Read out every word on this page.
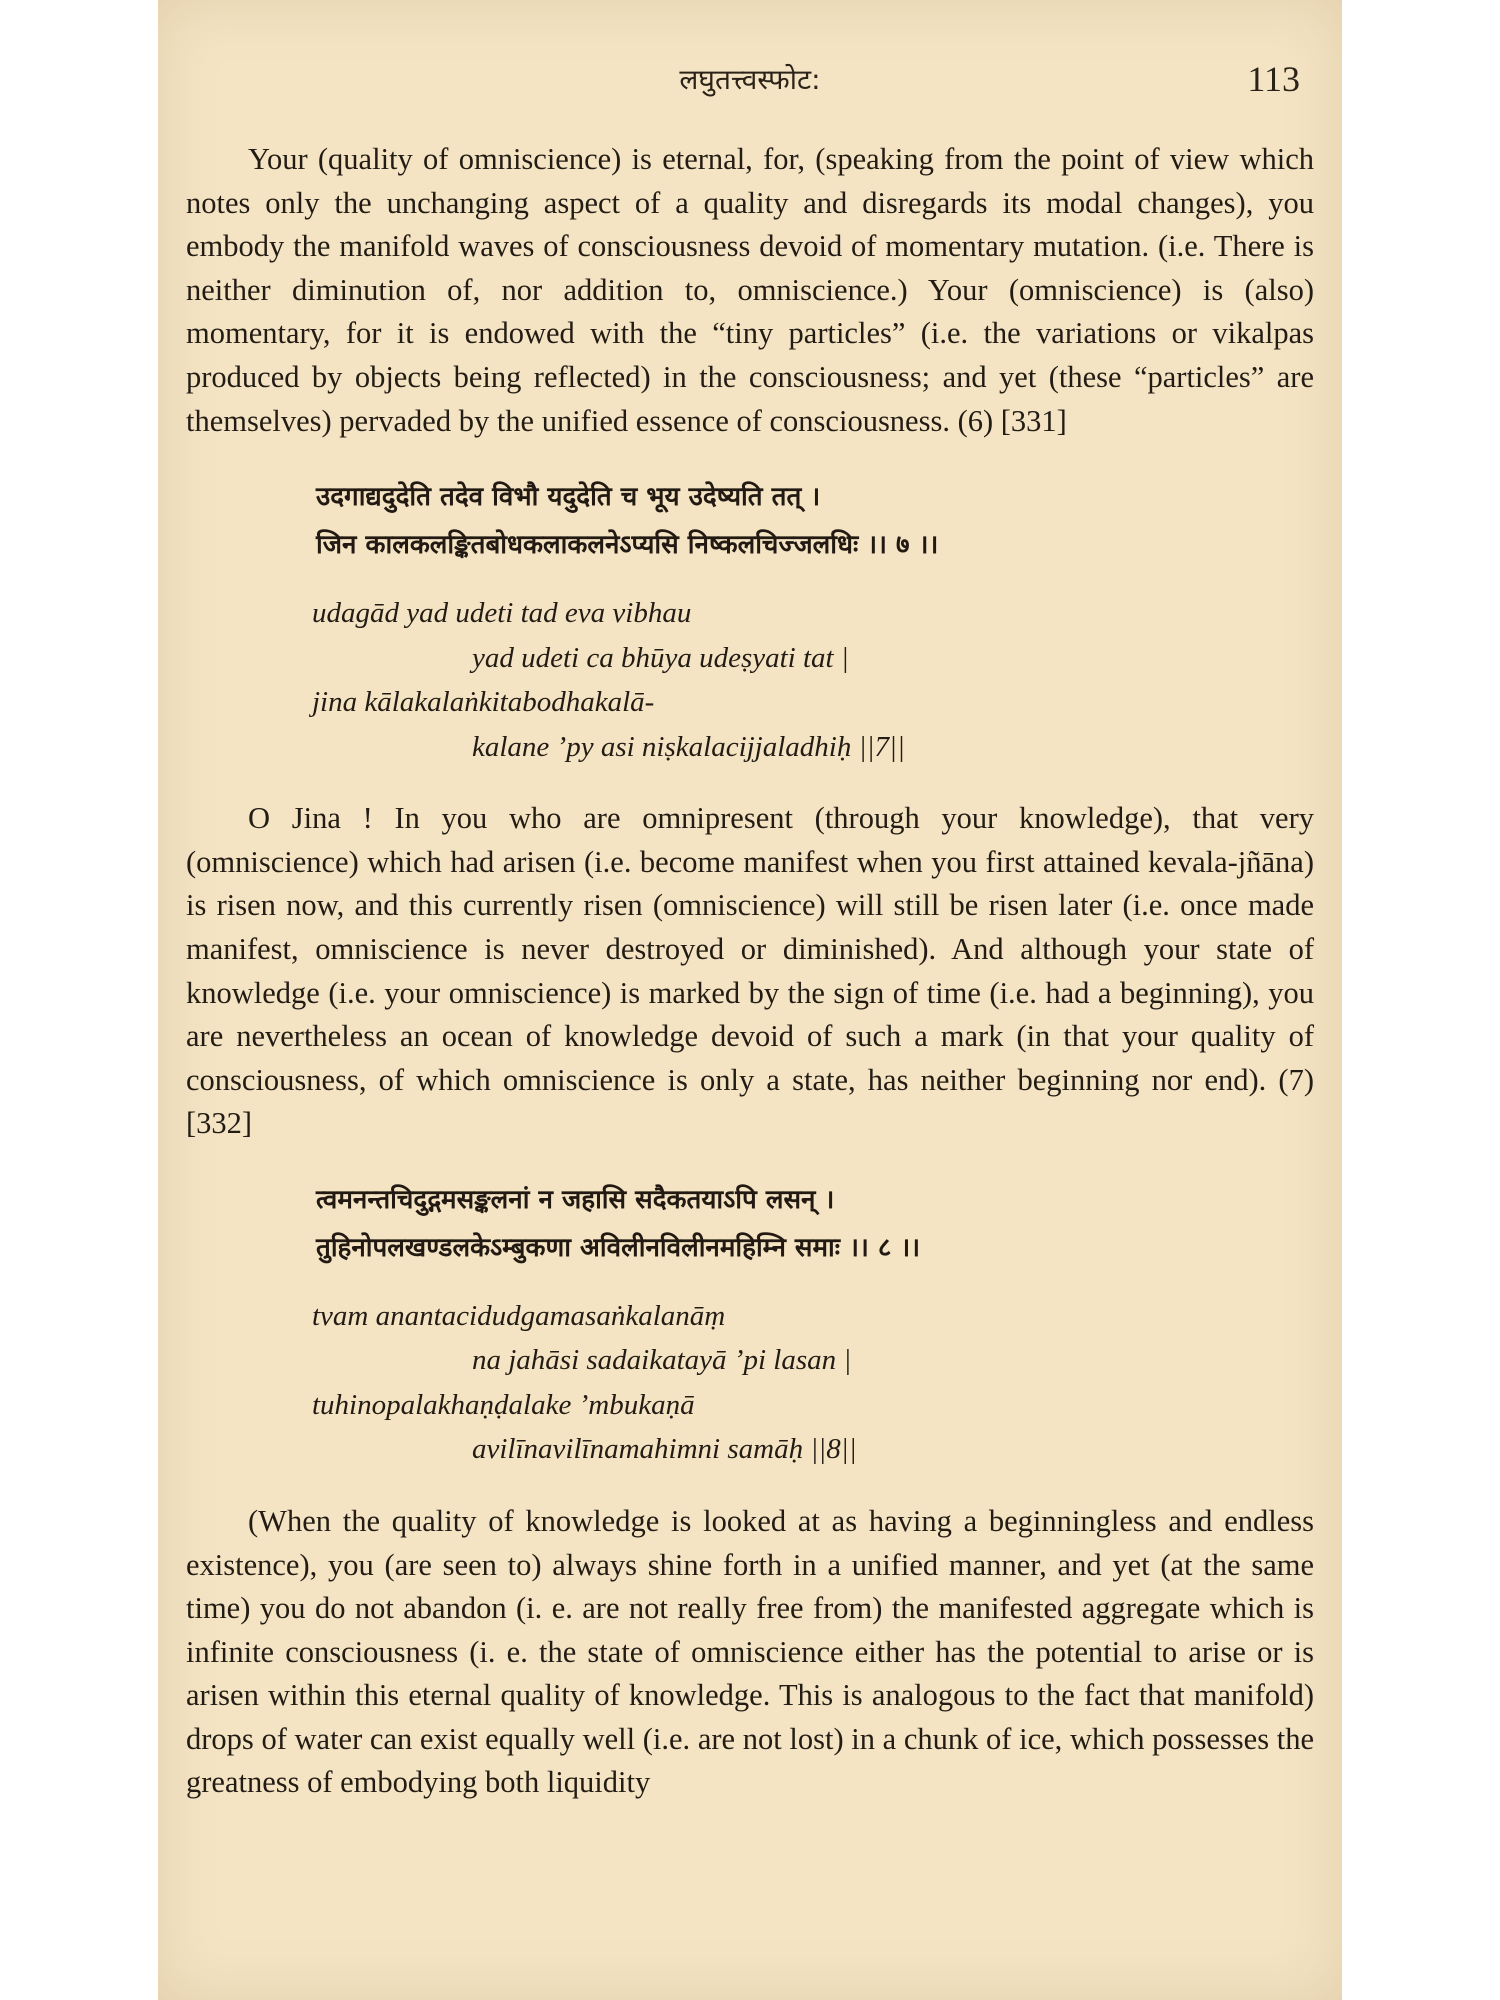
लघुतत्त्वस्फोट:	113

Your (quality of omniscience) is eternal, for, (speaking from the point of view which notes only the unchanging aspect of a quality and disregards its modal changes), you embody the manifold waves of consciousness devoid of momentary mutation. (i.e. There is neither diminution of, nor addition to, omniscience.) Your (omniscience) is (also) momentary, for it is endowed with the “tiny particles” (i.e. the variations or vikalpas produced by objects being reflected) in the consciousness; and yet (these “particles” are themselves) pervaded by the unified essence of consciousness. (6) [331]

उदगाद्यदुदेति तदेव विभौ यदुदेति च भूय उदेष्यति तत् ।
जिन कालकलङ्कितबोधकलाकलनेऽप्यसि निष्कलचिज्जलधिः ।। ७ ।।
udagād yad udeti tad eva vibhau
yad udeti ca bhūya udeṣyati tat |
jina kālakalaṅkitabodhakalā-
kalane ’py asi niṣkalacijjaladhiḥ ||7||

O Jina ! In you who are omnipresent (through your knowledge), that very (omniscience) which had arisen (i.e. become manifest when you first attained kevala-jñāna) is risen now, and this currently risen (omniscience) will still be risen later (i.e. once made manifest, omniscience is never destroyed or diminished). And although your state of knowledge (i.e. your omniscience) is marked by the sign of time (i.e. had a beginning), you are nevertheless an ocean of knowledge devoid of such a mark (in that your quality of consciousness, of which omniscience is only a state, has neither beginning nor end). (7) [332]

त्वमनन्तचिदुद्गमसङ्कलनां न जहासि सदैकतयाऽपि लसन् ।
तुहिनोपलखण्डलकेऽम्बुकणा अविलीनविलीनमहिम्नि समाः ।। ८ ।।
tvam anantacidudgamasaṅkalanāṃ
na jahāsi sadaikatayā ’pi lasan |
tuhinopalakhaṇḍalake ’mbukaṇā
avilīnavilīnamahimni samāḥ ||8||

(When the quality of knowledge is looked at as having a beginningless and endless existence), you (are seen to) always shine forth in a unified manner, and yet (at the same time) you do not abandon (i. e. are not really free from) the manifested aggregate which is infinite consciousness (i. e. the state of omniscience either has the potential to arise or is arisen within this eternal quality of knowledge. This is analogous to the fact that manifold) drops of water can exist equally well (i.e. are not lost) in a chunk of ice, which possesses the greatness of embodying both liquidity
